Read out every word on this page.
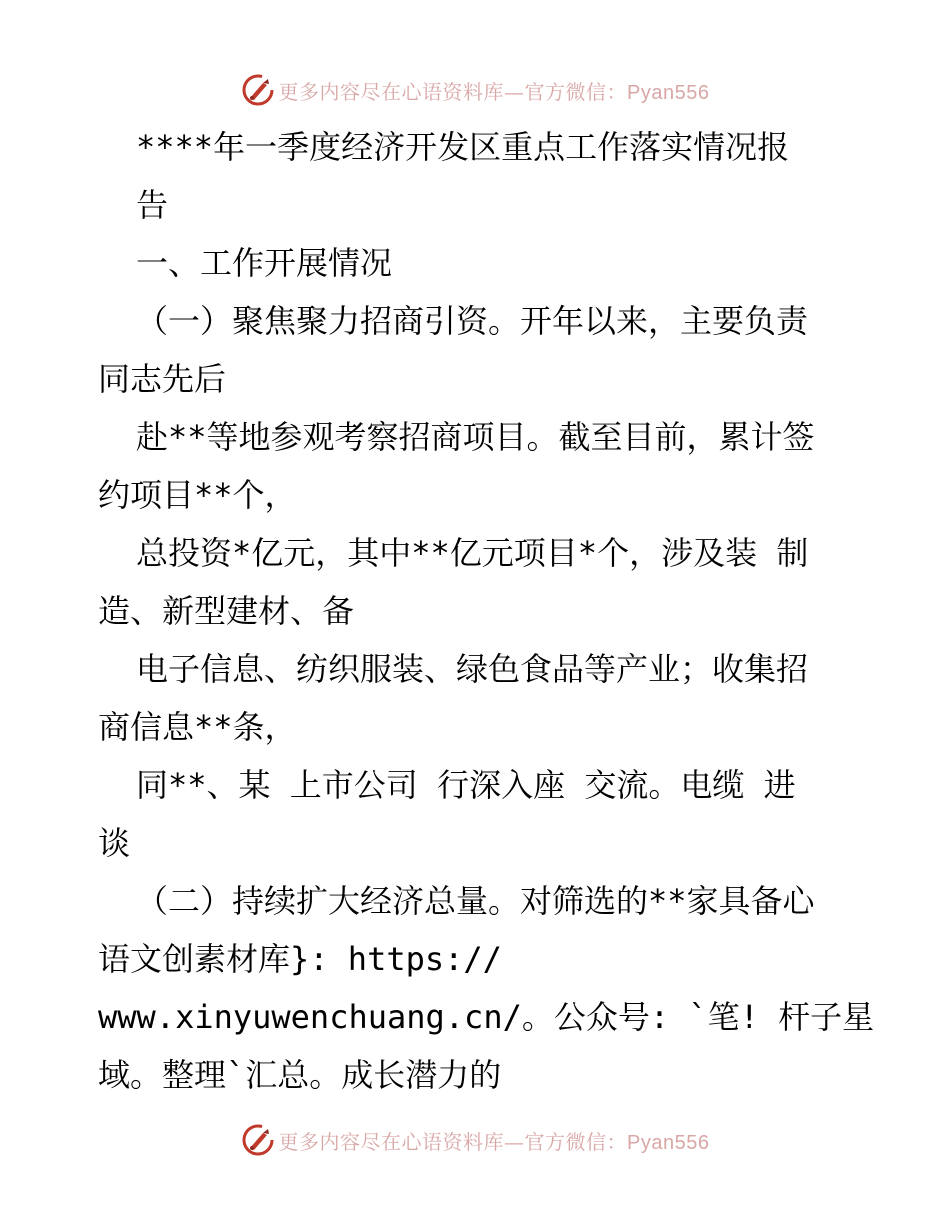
更多内容尽在心语资料库—官方微信：Pyan556
****年一季度经济开发区重点工作落实情况报
告
一、工作开展情况
（一）聚焦聚力招商引资。开年以来，主要负责
同志先后
赴**等地参观考察招商项目。截至目前，累计签
约项目**个，
总投资*亿元，其中**亿元项目*个，涉及装 制
造、新型建材、备
电子信息、纺织服装、绿色食品等产业；收集招
商信息**条，
同**、某 上市公司 行深入座 交流。电缆 进
谈
（二）持续扩大经济总量。对筛选的**家具备心
语文创素材库}: https://
www.xinyuwenchuang.cn/。公众号: `笔! 杆子星
域。整理`汇总。成长潜力的
更多内容尽在心语资料库—官方微信：Pyan556
